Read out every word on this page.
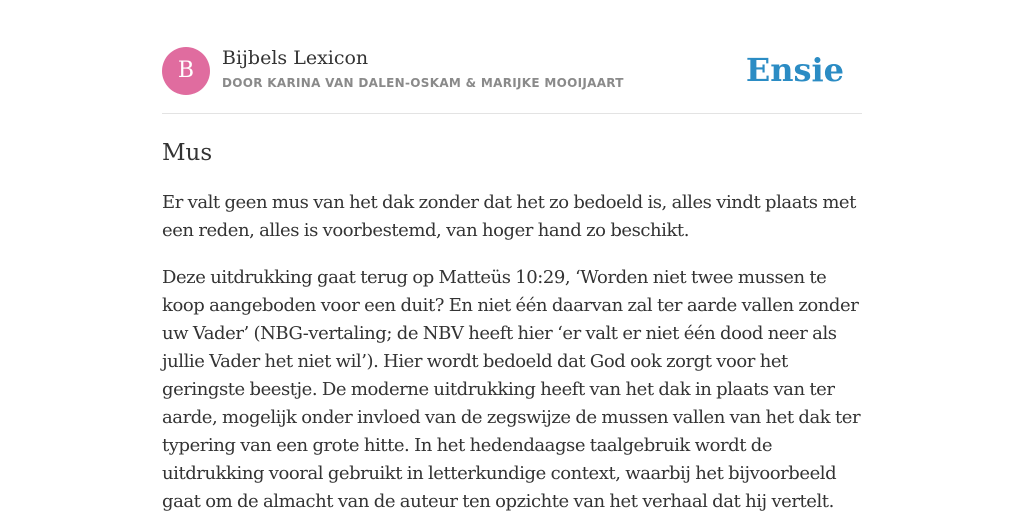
B	Bijbels Lexicon
DOOR KARINA VAN DALEN-OSKAM & MARIJKE MOOIJAART	Ensie
Mus

Er valt geen mus van het dak zonder dat het zo bedoeld is, alles vindt plaats met een reden, alles is voorbestemd, van hoger hand zo beschikt.

Deze uitdrukking gaat terug op Matteüs 10:29, ‘Worden niet twee mussen te koop aangeboden voor een duit? En niet één daarvan zal ter aarde vallen zonder uw Vader’ (NBG-vertaling; de NBV heeft hier ‘er valt er niet één dood neer als jullie Vader het niet wil’). Hier wordt bedoeld dat God ook zorgt voor het geringste beestje. De moderne uitdrukking heeft van het dak in plaats van ter aarde, mogelijk onder invloed van de zegswijze de mussen vallen van het dak ter typering van een grote hitte. In het hedendaagse taalgebruik wordt de uitdrukking vooral gebruikt in letterkundige context, waarbij het bijvoorbeeld gaat om de almacht van de auteur ten opzichte van het verhaal dat hij vertelt.
